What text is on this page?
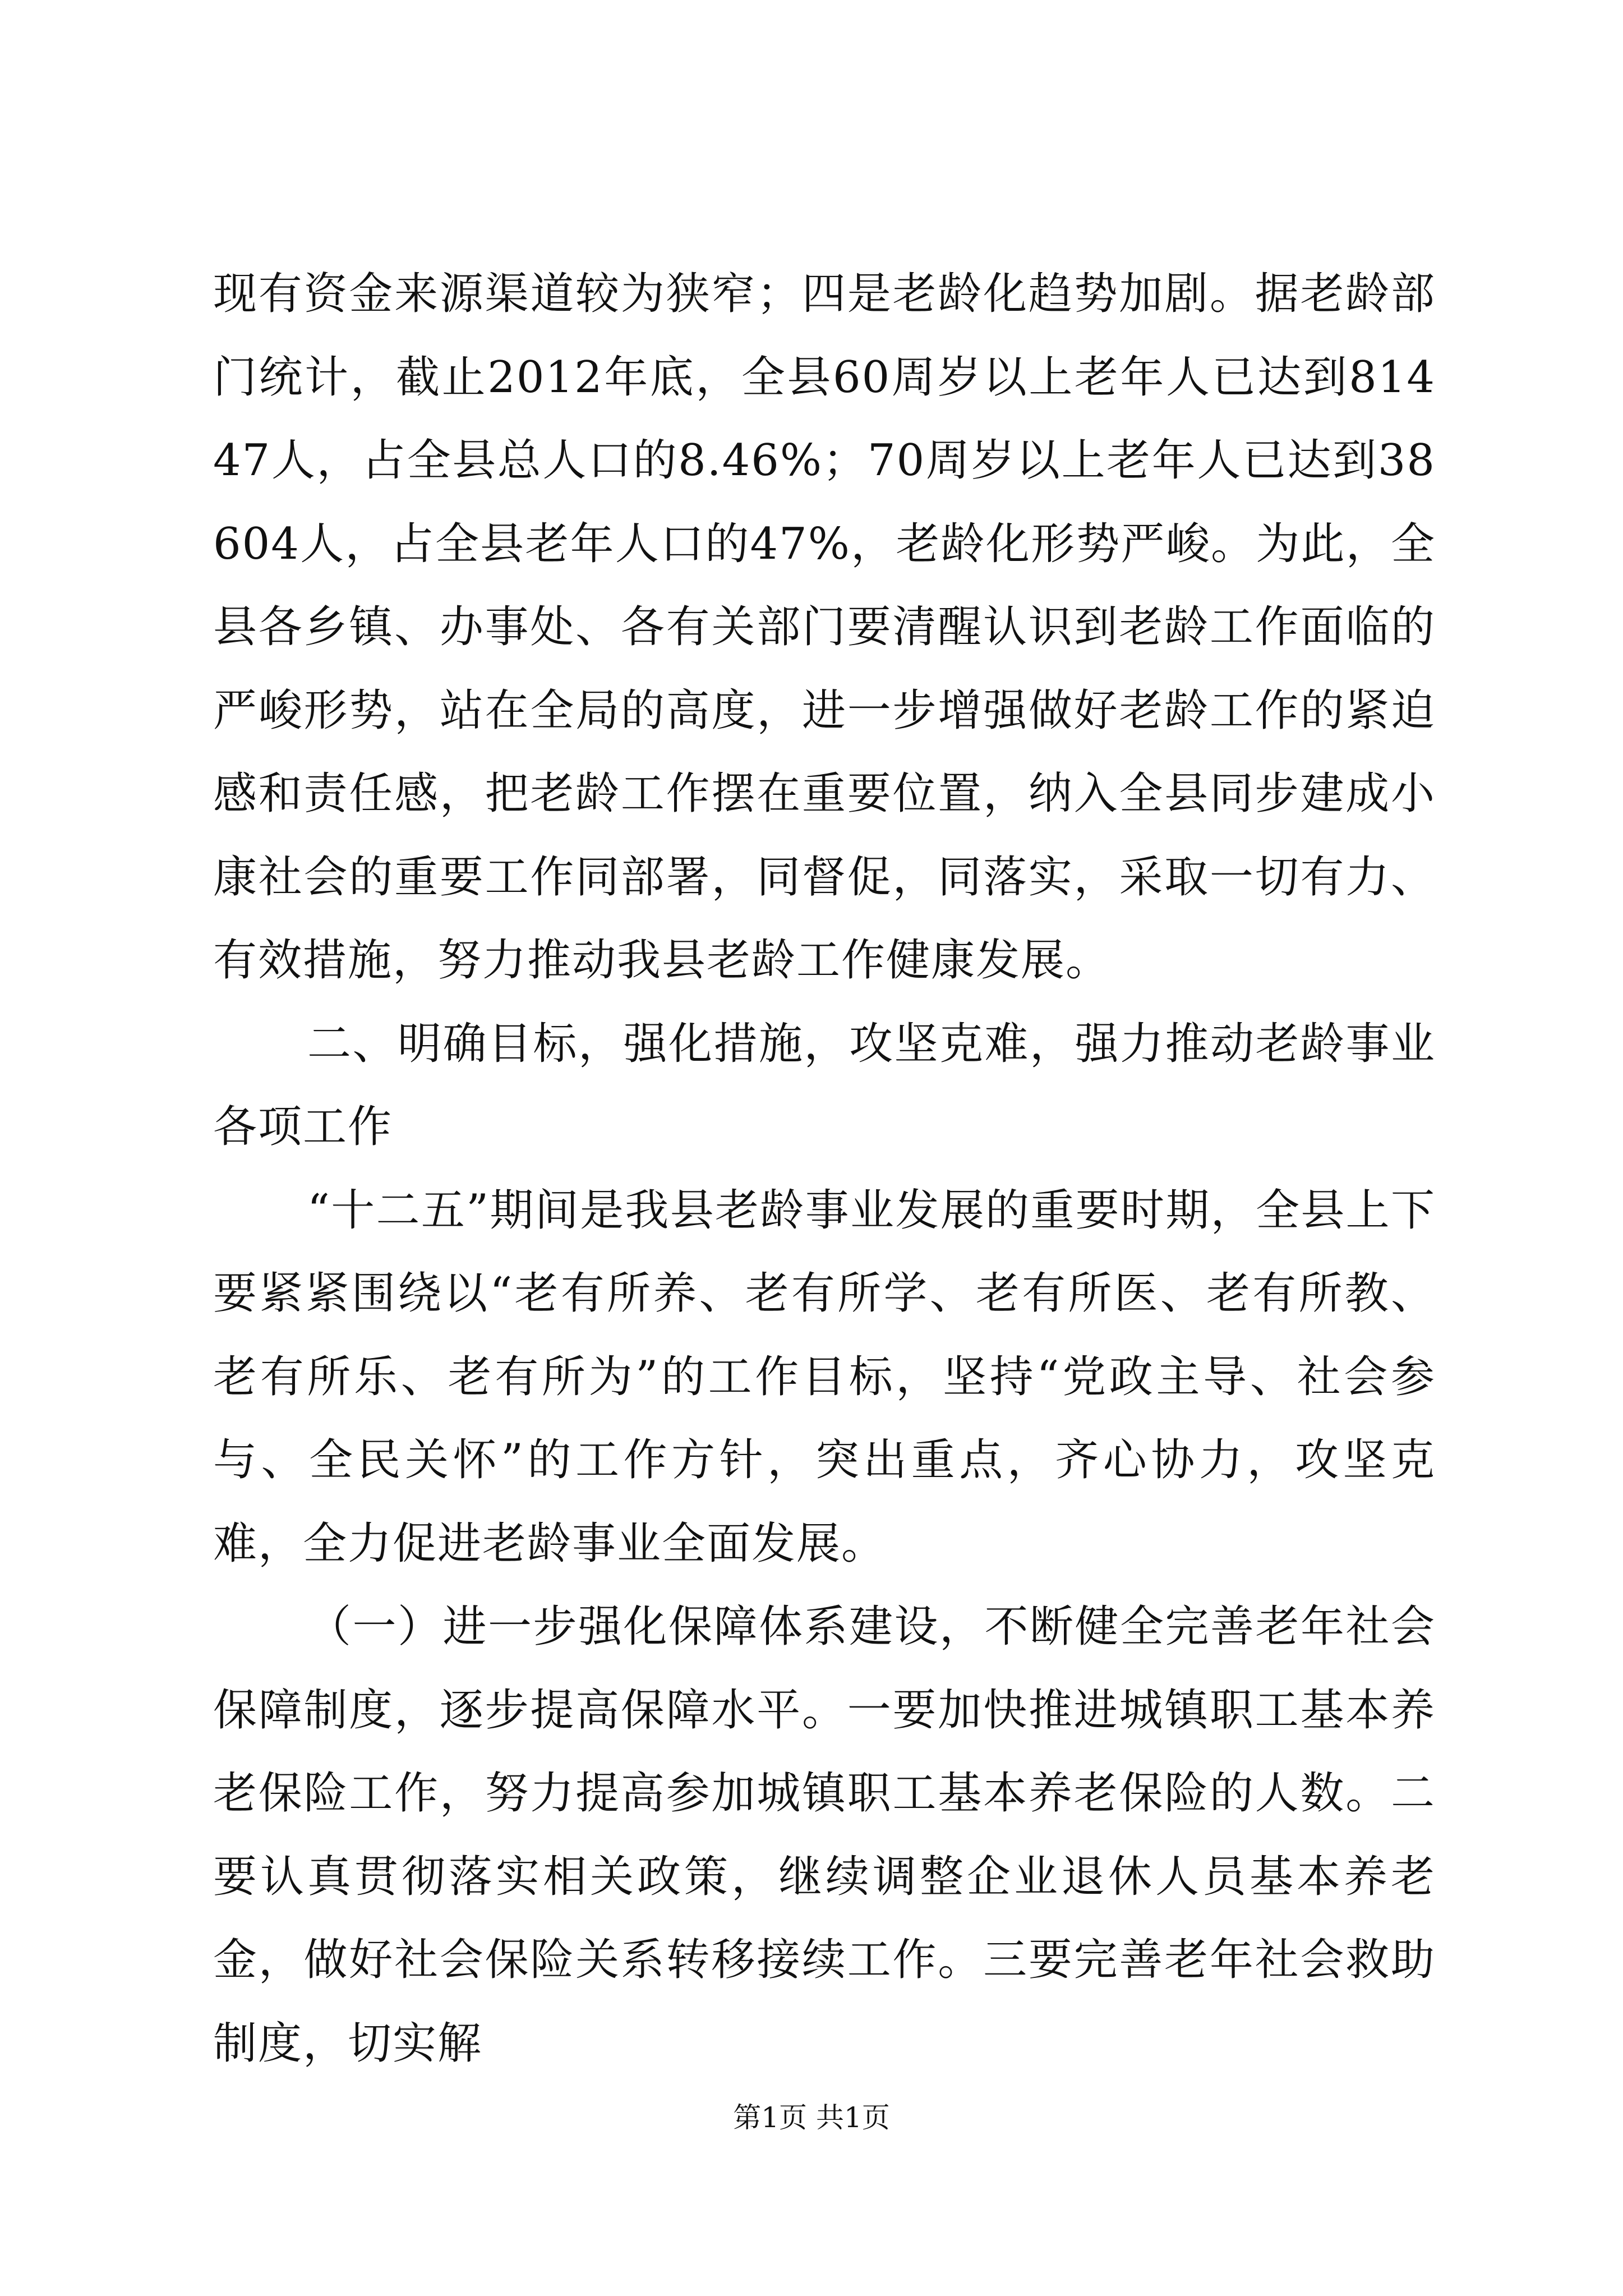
现有资金来源渠道较为狭窄；四是老龄化趋势加剧。据老龄部门统计，截止2012年底，全县60周岁以上老年人已达到81447人，占全县总人口的8.46%；70周岁以上老年人已达到38604人，占全县老年人口的47%，老龄化形势严峻。为此，全县各乡镇、办事处、各有关部门要清醒认识到老龄工作面临的严峻形势，站在全局的高度，进一步增强做好老龄工作的紧迫感和责任感，把老龄工作摆在重要位置，纳入全县同步建成小康社会的重要工作同部署，同督促，同落实，采取一切有力、有效措施，努力推动我县老龄工作健康发展。

二、明确目标，强化措施，攻坚克难，强力推动老龄事业各项工作

“十二五”期间是我县老龄事业发展的重要时期，全县上下要紧紧围绕以“老有所养、老有所学、老有所医、老有所教、老有所乐、老有所为”的工作目标，坚持“党政主导、社会参与、全民关怀”的工作方针，突出重点，齐心协力，攻坚克难，全力促进老龄事业全面发展。

（一）进一步强化保障体系建设，不断健全完善老年社会保障制度，逐步提高保障水平。一要加快推进城镇职工基本养老保险工作，努力提高参加城镇职工基本养老保险的人数。二要认真贯彻落实相关政策，继续调整企业退休人员基本养老金，做好社会保险关系转移接续工作。三要完善老年社会救助制度，切实解

第1页 共1页
